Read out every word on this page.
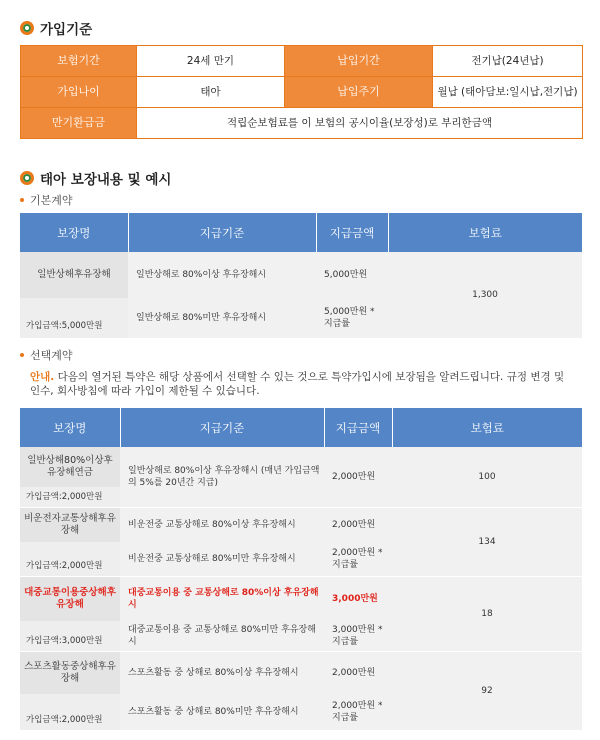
가입기준
보험기간	24세 만기	납입기간	전기납(24년납)
가입나이	태아	납입주기	월납 (태아담보:일시납,전기납)
만기환급금	적립순보험료를 이 보험의 공시이율(보장성)로 부리한금액		
태아 보장내용 및 예시
기본계약
보장명	지급기준	지급금액	보험료
일반상해후유장해	일반상해로 80%이상 후유장해시	5,000만원	1,300
가입금액:5,000만원	일반상해로 80%미만 후유장해시	5,000만원 * 지급률	

선택계약
안내. 다음의 열거된 특약은 해당 상품에서 선택할 수 있는 것으로 특약가입시에 보장됨을 알려드립니다. 규정 변경 및 인수, 회사방침에 따라 가입이 제한될 수 있습니다.
보장명	지급기준	지급금액	보험료
일반상해80%이상후유장해연금	일반상해로 80%이상 후유장해시 (매년 가입금액의 5%를 20년간 지급)	2,000만원	100
가입금액:2,000만원			
비운전자교통상해후유장해	비운전중 교통상해로 80%이상 후유장해시	2,000만원	134
가입금액:2,000만원	비운전중 교통상해로 80%미만 후유장해시	2,000만원 * 지급률	

대중교통이용중상해후유장해	대중교통이용 중 교통상해로 80%이상 후유장해시	3,000만원	18
가입금액:3,000만원	대중교통이용 중 교통상해로 80%미만 후유장해시	3,000만원 * 지급률	

스포츠활동중상해후유장해	스포츠활동 중 상해로 80%이상 후유장해시	2,000만원	92
가입금액:2,000만원	스포츠활동 중 상해로 80%미만 후유장해시	2,000만원 * 지급률	
